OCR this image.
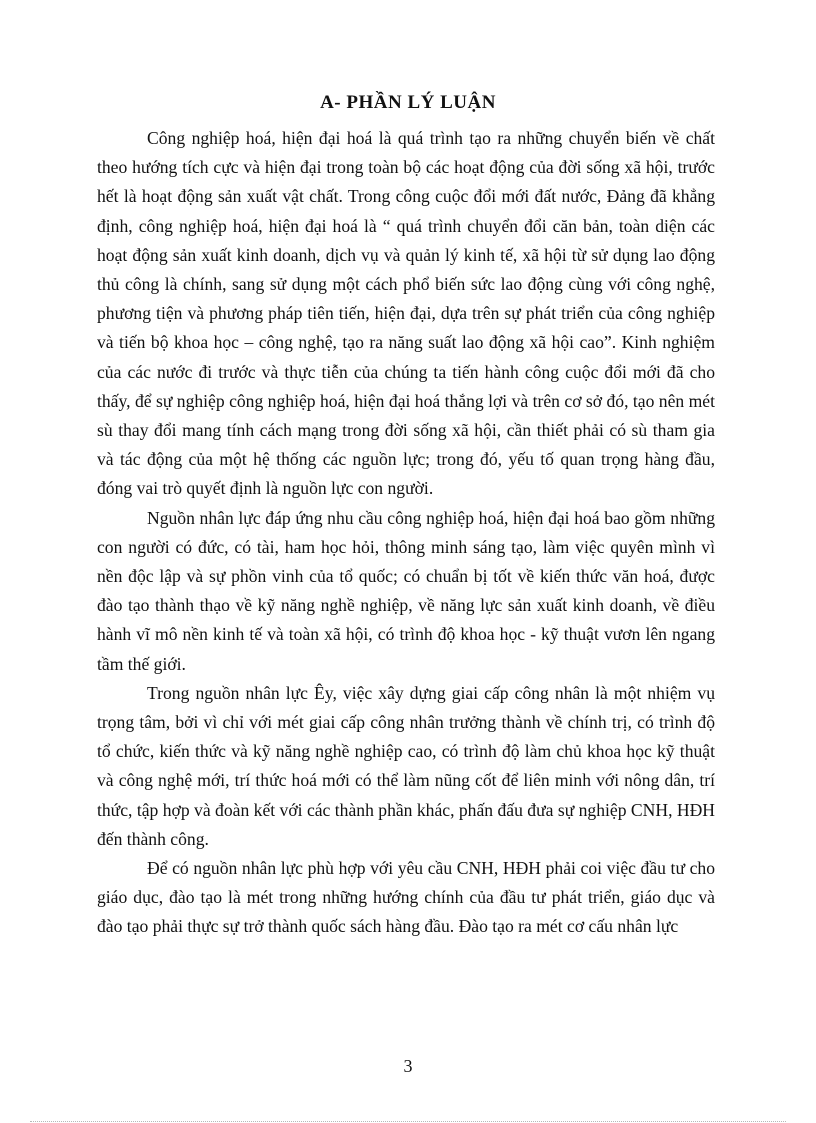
A- PHẦN LÝ LUẬN

Công nghiệp hoá, hiện đại hoá là quá trình tạo ra những chuyển biến về chất theo hướng tích cực và hiện đại trong toàn bộ các hoạt động của đời sống xã hội, trước hết là hoạt động sản xuất vật chất. Trong công cuộc đổi mới đất nước, Đảng đã khẳng định, công nghiệp hoá, hiện đại hoá là “ quá trình chuyển đổi căn bản, toàn diện các hoạt động sản xuất kinh doanh, dịch vụ và quản lý kinh tế, xã hội từ sử dụng lao động thủ công là chính, sang sử dụng một cách phổ biến sức lao động cùng với công nghệ, phương tiện và phương pháp tiên tiến, hiện đại, dựa trên sự phát triển của công nghiệp và tiến bộ khoa học – công nghệ, tạo ra năng suất lao động xã hội cao”. Kinh nghiệm của các nước đi trước và thực tiễn của chúng ta tiến hành công cuộc đổi mới đã cho thấy, để sự nghiệp công nghiệp hoá, hiện đại hoá thắng lợi và trên cơ sở đó, tạo nên mét sù thay đổi mang tính cách mạng trong đời sống xã hội, cần thiết phải có sù tham gia và tác động của một hệ thống các nguồn lực; trong đó, yếu tố quan trọng hàng đầu, đóng vai trò quyết định là nguồn lực con người.

Nguồn nhân lực đáp ứng nhu cầu công nghiệp hoá, hiện đại hoá bao gồm những con người có đức, có tài, ham học hỏi, thông minh sáng tạo, làm việc quyên mình vì nền độc lập và sự phồn vinh của tổ quốc; có chuẩn bị tốt về kiến thức văn hoá, được đào tạo thành thạo về kỹ năng nghề nghiệp, về năng lực sản xuất kinh doanh, về điều hành vĩ mô nền kinh tế và toàn xã hội, có trình độ khoa học - kỹ thuật vươn lên ngang tầm thế giới.

Trong nguồn nhân lực Êy, việc xây dựng giai cấp công nhân là một nhiệm vụ trọng tâm, bởi vì chỉ với mét giai cấp công nhân trưởng thành về chính trị, có trình độ tổ chức, kiến thức và kỹ năng nghề nghiệp cao, có trình độ làm chủ khoa học kỹ thuật và công nghệ mới, trí thức hoá mới có thể làm nũng cốt để liên minh với nông dân, trí thức, tập hợp và đoàn kết với các thành phần khác, phấn đấu đưa sự nghiệp CNH, HĐH đến thành công.

Để có nguồn nhân lực phù hợp với yêu cầu CNH, HĐH phải coi việc đầu tư cho giáo dục, đào tạo là mét trong những hướng chính của đầu tư phát triển, giáo dục và đào tạo phải thực sự trở thành quốc sách hàng đầu. Đào tạo ra mét cơ cấu nhân lực

3
